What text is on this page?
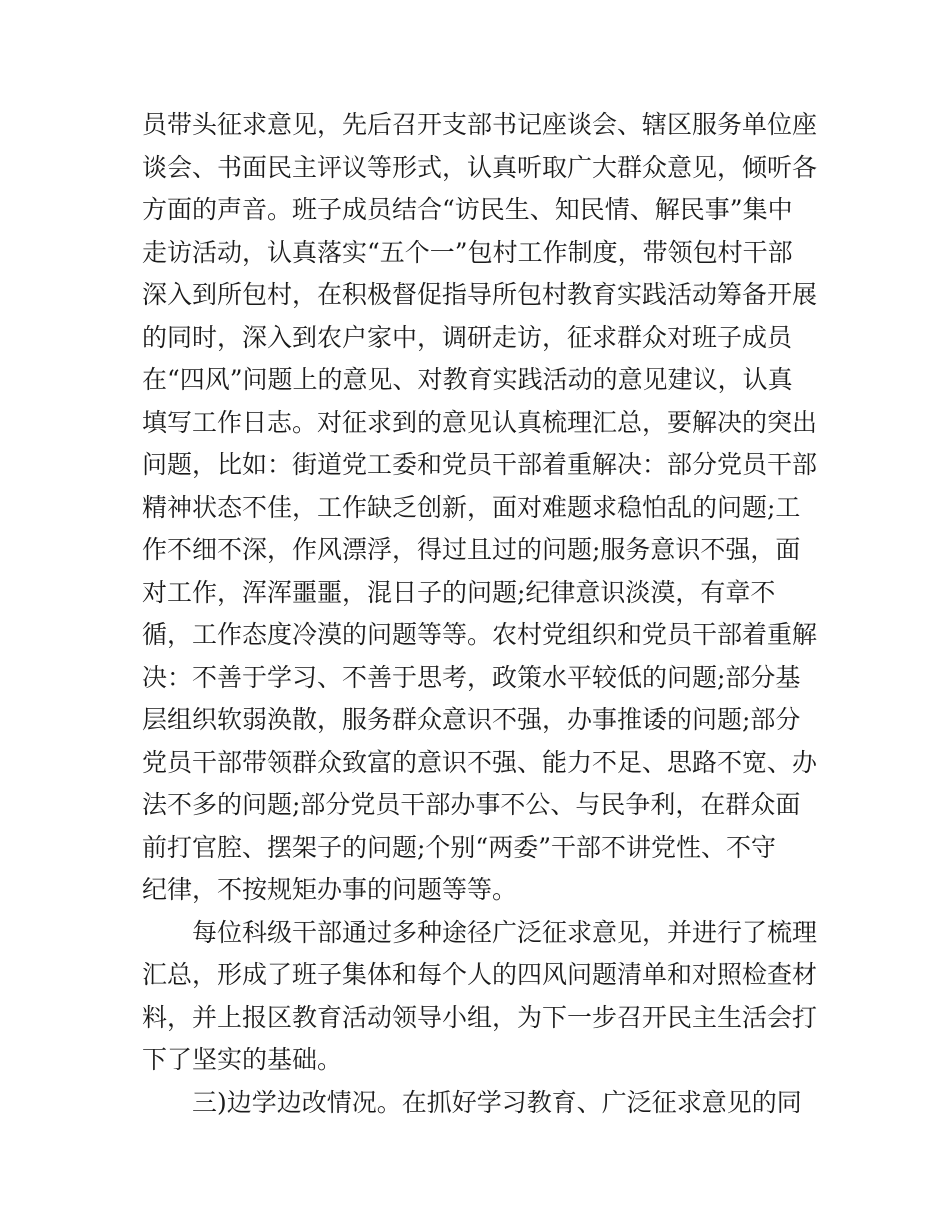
员带头征求意见，先后召开支部书记座谈会、辖区服务单位座
谈会、书面民主评议等形式，认真听取广大群众意见，倾听各
方面的声音。班子成员结合“访民生、知民情、解民事”集中
走访活动，认真落实“五个一”包村工作制度，带领包村干部
深入到所包村，在积极督促指导所包村教育实践活动筹备开展
的同时，深入到农户家中，调研走访，征求群众对班子成员
在“四风”问题上的意见、对教育实践活动的意见建议，认真
填写工作日志。对征求到的意见认真梳理汇总，要解决的突出
问题，比如：街道党工委和党员干部着重解决：部分党员干部
精神状态不佳，工作缺乏创新，面对难题求稳怕乱的问题;工
作不细不深，作风漂浮，得过且过的问题;服务意识不强，面
对工作，浑浑噩噩，混日子的问题;纪律意识淡漠，有章不
循，工作态度冷漠的问题等等。农村党组织和党员干部着重解
决：不善于学习、不善于思考，政策水平较低的问题;部分基
层组织软弱涣散，服务群众意识不强，办事推诿的问题;部分
党员干部带领群众致富的意识不强、能力不足、思路不宽、办
法不多的问题;部分党员干部办事不公、与民争利，在群众面
前打官腔、摆架子的问题;个别“两委”干部不讲党性、不守
纪律，不按规矩办事的问题等等。
每位科级干部通过多种途径广泛征求意见，并进行了梳理
汇总，形成了班子集体和每个人的四风问题清单和对照检查材
料，并上报区教育活动领导小组，为下一步召开民主生活会打
下了坚实的基础。
三)边学边改情况。在抓好学习教育、广泛征求意见的同
